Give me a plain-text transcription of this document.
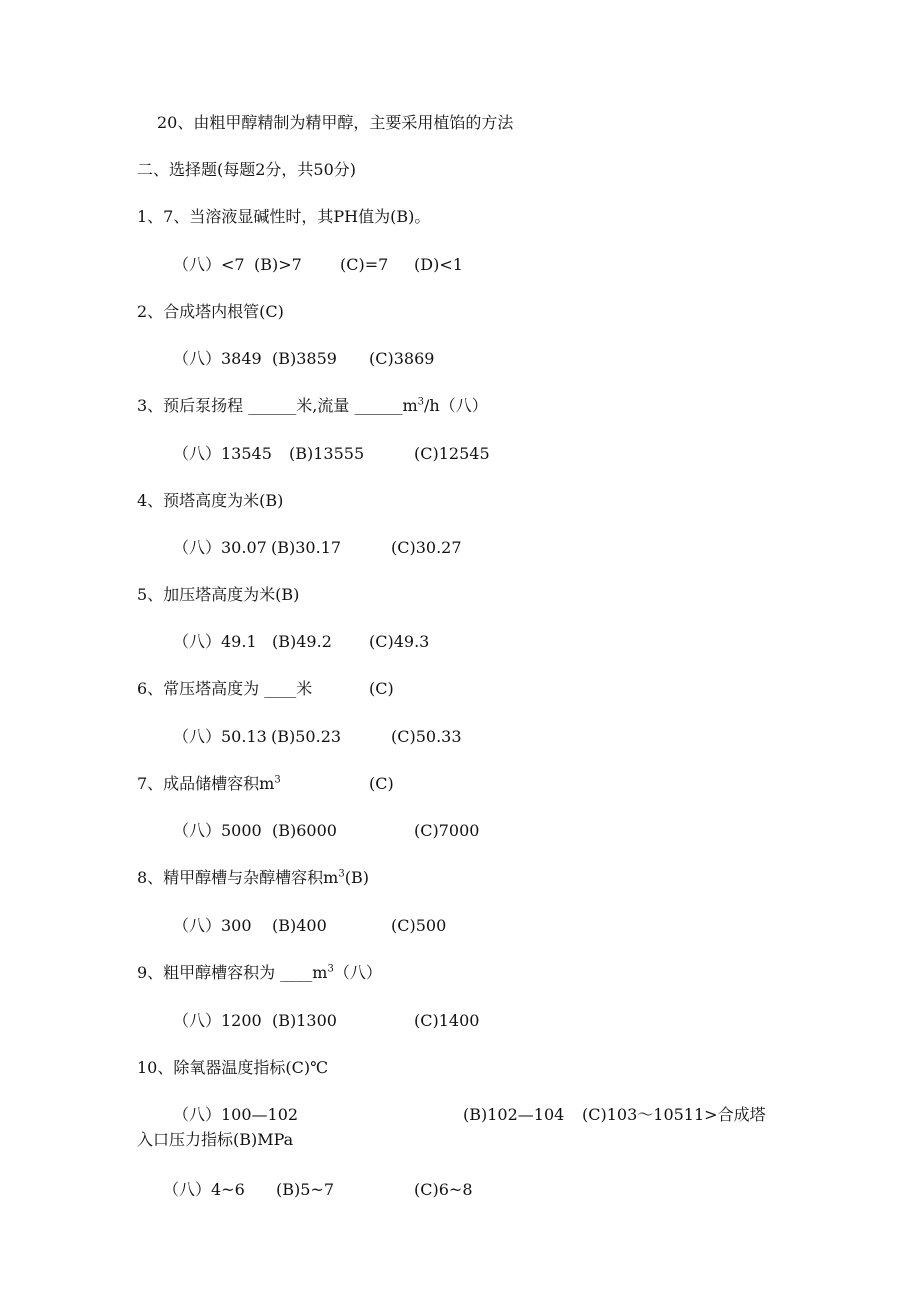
20、由粗甲醇精制为精甲醇，主要采用植馅的方法
二、选择题(每题2分，共50分)
1、7、当溶液显碱性时，其PH值为(B)。
（八）<7 (B)>7 (C)=7 (D)<1
2、合成塔内根管(C)
（八）3849 (B)3859 (C)3869
3、预后泵扬程 ______米,流量 $\_\_\_\_\_\_m^3/h$（八）
（八）13545 (B)13555	(C)12545
4、预塔高度为米(B)
（八）30.07 (B)30.17	(C)30.27
5、加压塔高度为米(B)
（八）49.1 (B)49.2 (C)49.3
6、常压塔高度为 ____米	(C)
（八）50.13 (B)50.23	(C)50.33
7、成品储槽容积$m^3$	(C)
（八）5000 (B)6000	(C)7000
8、精甲醇槽与杂醇槽容积$m^3(B)$
（八）300 (B)400	(C)500
9、粗甲醇槽容积为 $\_\_\_\_m^3$（八）
（八）1200 (B)1300	(C)1400
10、除氧器温度指标(C)℃
（八）100—102	(B)102—104 (C)103～10511>合成塔
入口压力指标(B)MPa
（八）4~6 (B)5~7	(C)6~8
